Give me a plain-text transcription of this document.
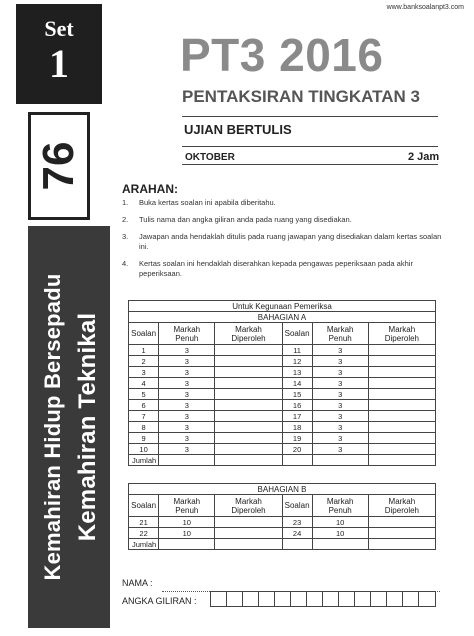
www.banksoalanpt3.com
Set
1
76
Kemahiran Hidup Bersepadu Kemahiran Teknikal
PT3 2016
PENTAKSIRAN TINGKATAN 3
UJIAN BERTULIS
OKTOBER	2 Jam
ARAHAN:
1.	Buka kertas soalan ini apabila diberitahu.
2.	Tulis nama dan angka giliran anda pada ruang yang disediakan.
3.	Jawapan anda hendaklah ditulis pada ruang jawapan yang disediakan dalam kertas soalan ini.
4.	Kertas soalan ini hendaklah diserahkan kepada pengawas peperiksaan pada akhir peperiksaan.
Untuk Kegunaan Pemeriksa					
BAHAGIAN A					
Soalan	Markah Penuh	Markah Diperoleh	Soalan	Markah Penuh	Markah Diperoleh
1	3		11	3	
2	3		12	3	
3	3		13	3	
4	3		14	3	
5	3		15	3	
6	3		16	3	
7	3		17	3	
8	3		18	3	
9	3		19	3	
10	3		20	3	
Jumlah					
BAHAGIAN B					
Soalan	Markah Penuh	Markah Diperoleh	Soalan	Markah Penuh	Markah Diperoleh
21	10		23	10	
22	10		24	10	
Jumlah					
NAMA :
ANGKA GILIRAN :
